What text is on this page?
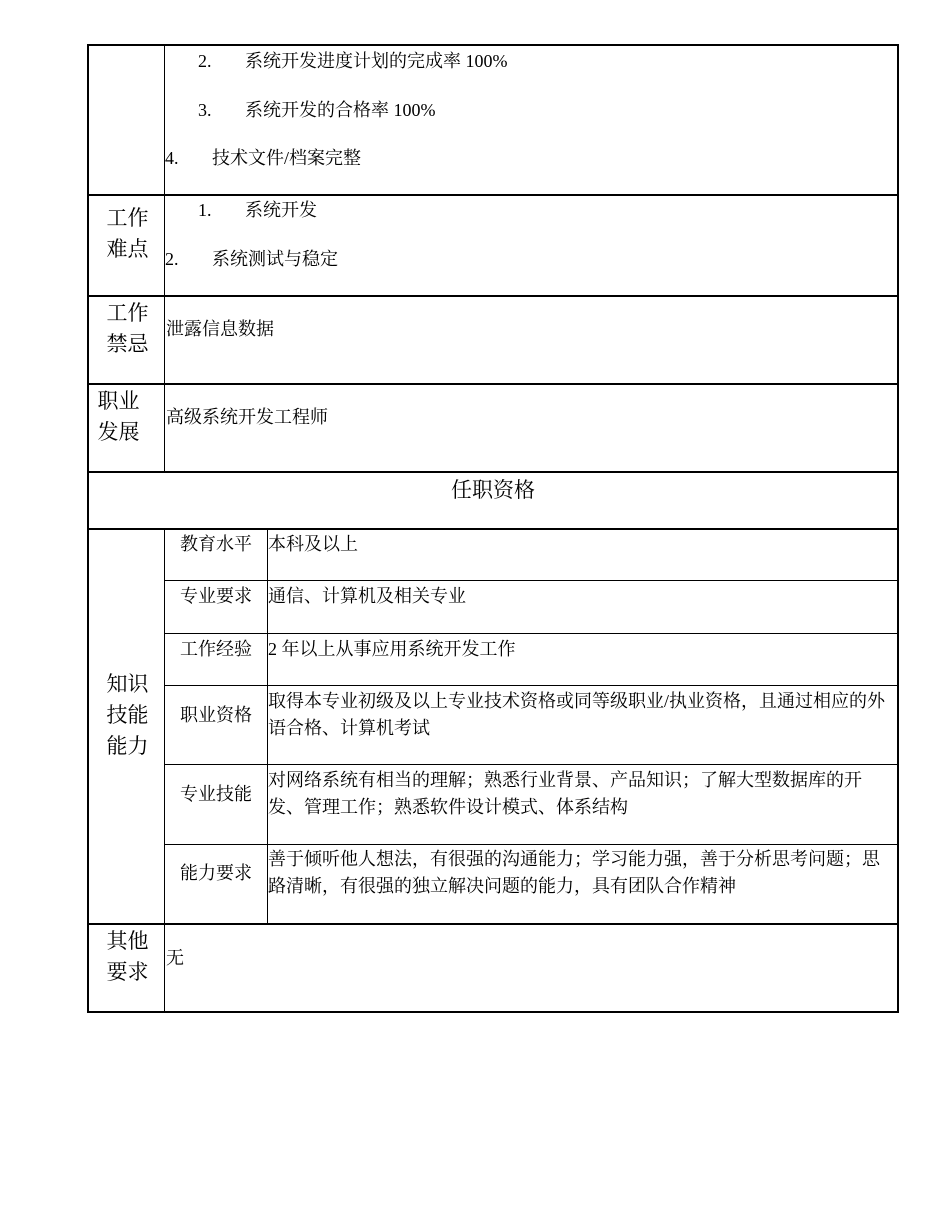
2. 系统开发进度计划的完成率 100%
3. 系统开发的合格率 100%
4. 技术文件/档案完整
工作
难点
1. 系统开发
2. 系统测试与稳定
工作
禁忌
泄露信息数据
职业
发展
高级系统开发工程师
任职资格
知识
技能
能力
教育水平 本科及以上
专业要求 通信、计算机及相关专业
工作经验 2 年以上从事应用系统开发工作
职业资格
取得本专业初级及以上专业技术资格或同等级职业/执业资格，且通过相应的外语合格、计算机考试
专业技能
对网络系统有相当的理解；熟悉行业背景、产品知识；了解大型数据库的开发、管理工作；熟悉软件设计模式、体系结构
能力要求
善于倾听他人想法，有很强的沟通能力；学习能力强，善于分析思考问题；思路清晰，有很强的独立解决问题的能力，具有团队合作精神
其他
要求
无
